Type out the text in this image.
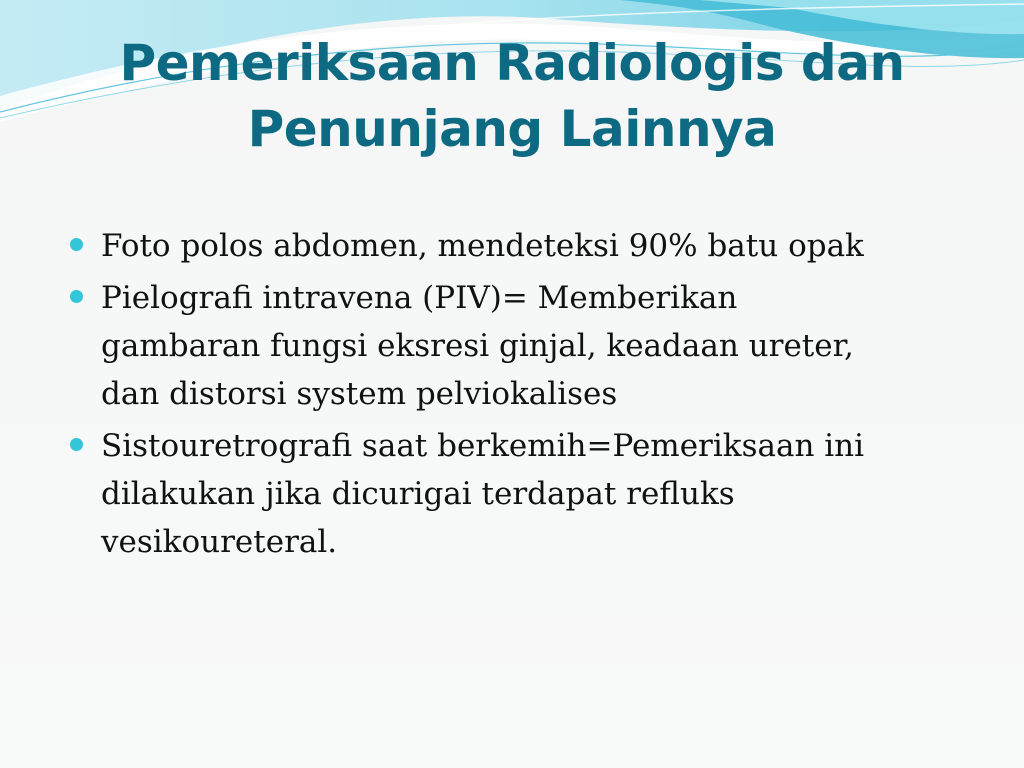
Pemeriksaan Radiologis dan
Penunjang Lainnya
Foto polos abdomen, mendeteksi 90% batu opak
Pielografi intravena (PIV)= Memberikan
gambaran fungsi eksresi ginjal, keadaan ureter,
dan distorsi system pelviokalises
Sistouretrografi saat berkemih=Pemeriksaan ini
dilakukan jika dicurigai terdapat refluks
vesikoureteral.
